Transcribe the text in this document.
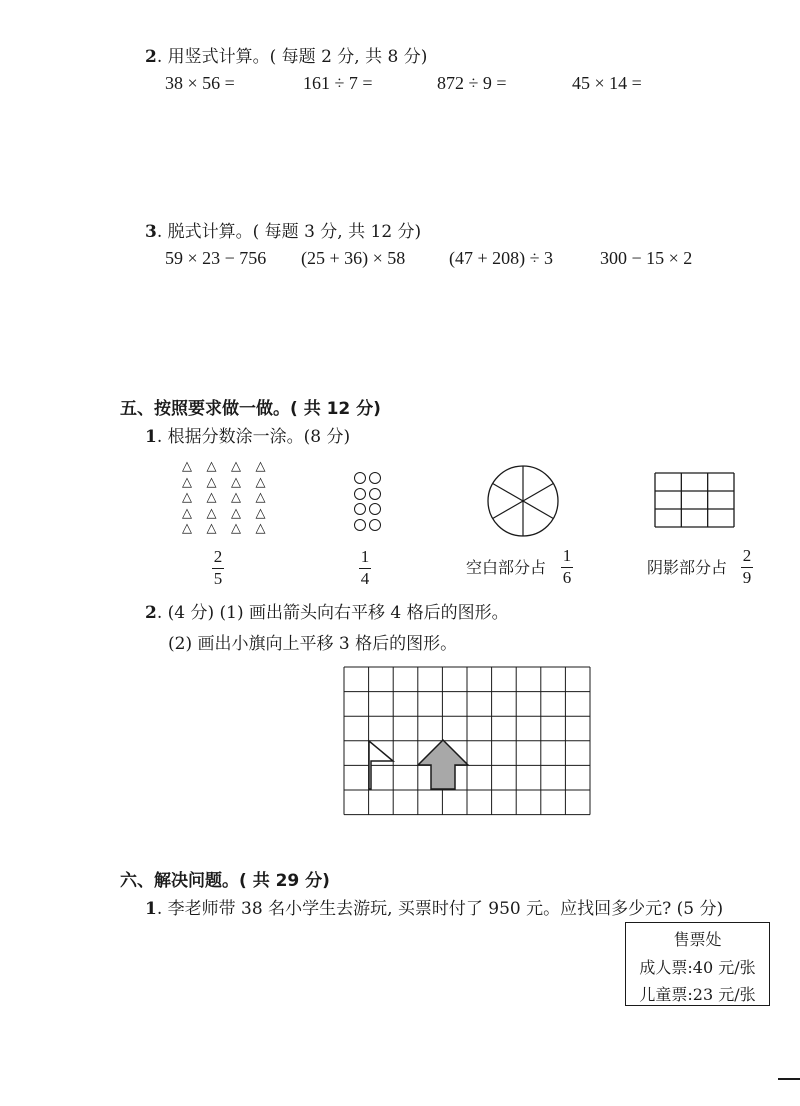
2. 用竖式计算。( 每题 2 分, 共 8 分)
38 × 56 =	161 ÷ 7 =	872 ÷ 9 =	45 × 14 =
3. 脱式计算。( 每题 3 分, 共 12 分)
59 × 23 − 756 (25 + 36) × 58 (47 + 208) ÷ 3	300 − 15 × 2
五、按照要求做一做。( 共 12 分)
1. 根据分数涂一涂。(8 分)
△ △ △ △
△ △ △ △
△ △ △ △
△ △ △ △
△ △ △ △
2
5
1
4
空白部分占
1
6
阴影部分占
2
9
2. (4 分) (1) 画出箭头向右平移 4 格后的图形。
(2) 画出小旗向上平移 3 格后的图形。
六、解决问题。( 共 29 分)
1. 李老师带 38 名小学生去游玩, 买票时付了 950 元。应找回多少元? (5 分)
售票处
成人票:40 元/张
儿童票:23 元/张
